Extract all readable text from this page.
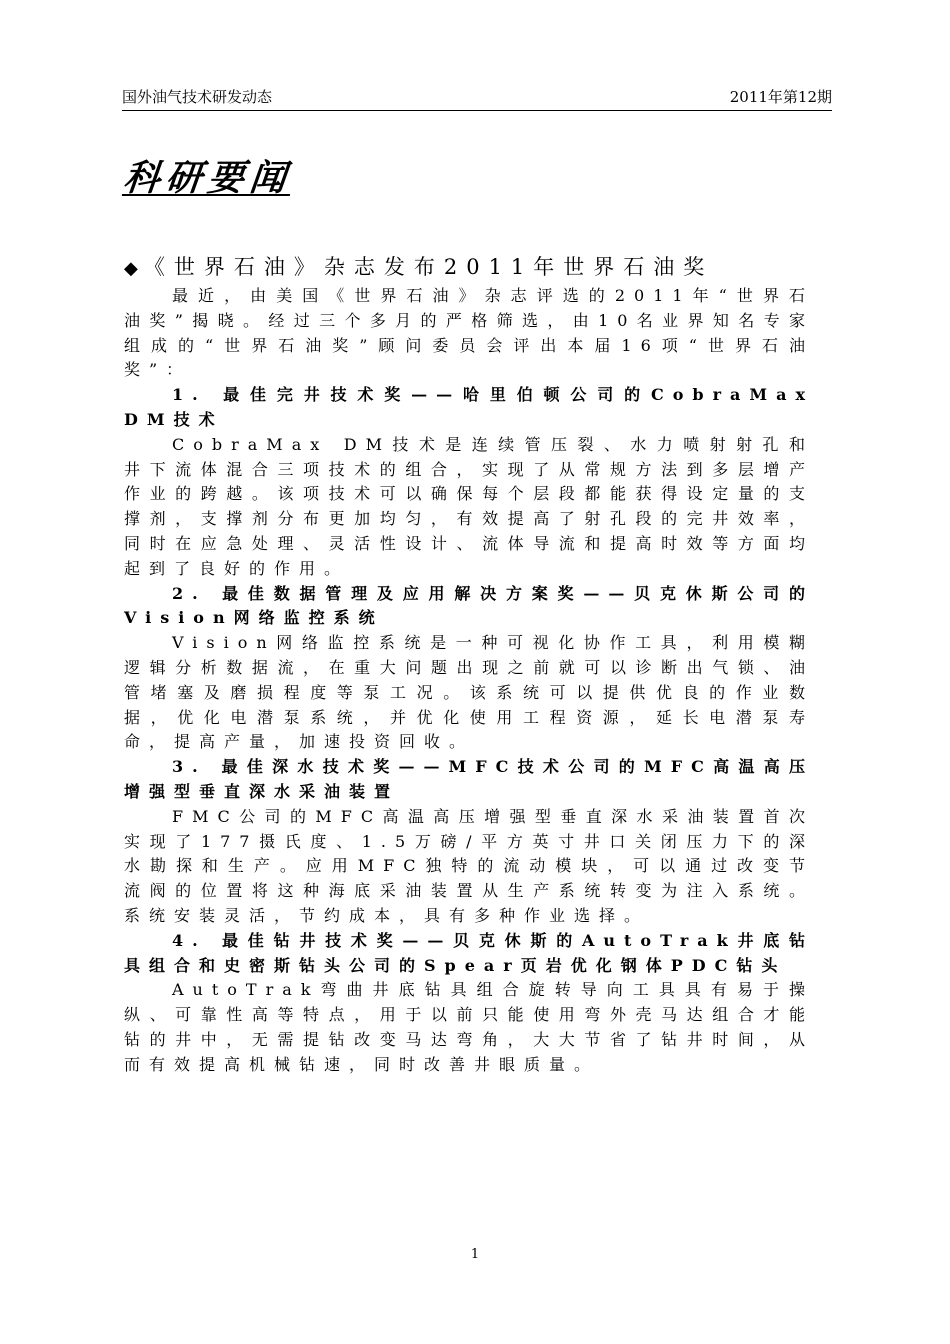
国外油气技术研发动态	2011年第12期
科研要闻
◆ 《世界石油》杂志发布2011年世界石油奖
最近，由美国《世界石油》杂志评选的2011年“世界石油奖”揭晓。经过三个多月的严格筛选，由10名业界知名专家组成的“世界石油奖”顾问委员会评出本届16项“世界石油奖”：
1. 最佳完井技术奖——哈里伯顿公司的CobraMax DM技术
CobraMax DM技术是连续管压裂、水力喷射射孔和井下流体混合三项技术的组合，实现了从常规方法到多层增产作业的跨越。该项技术可以确保每个层段都能获得设定量的支撑剂，支撑剂分布更加均匀，有效提高了射孔段的完井效率，同时在应急处理、灵活性设计、流体导流和提高时效等方面均起到了良好的作用。
2. 最佳数据管理及应用解决方案奖——贝克休斯公司的Vision网络监控系统
Vision网络监控系统是一种可视化协作工具，利用模糊逻辑分析数据流，在重大问题出现之前就可以诊断出气锁、油管堵塞及磨损程度等泵工况。该系统可以提供优良的作业数据，优化电潜泵系统，并优化使用工程资源，延长电潜泵寿命，提高产量，加速投资回收。
3. 最佳深水技术奖——MFC技术公司的MFC高温高压增强型垂直深水采油装置
FMC公司的MFC高温高压增强型垂直深水采油装置首次实现了177摄氏度、1.5万磅/平方英寸井口关闭压力下的深水勘探和生产。应用MFC独特的流动模块，可以通过改变节流阀的位置将这种海底采油装置从生产系统转变为注入系统。系统安装灵活，节约成本，具有多种作业选择。
4. 最佳钻井技术奖——贝克休斯的AutoTrak井底钻具组合和史密斯钻头公司的Spear页岩优化钢体PDC钻头
AutoTrak弯曲井底钻具组合旋转导向工具具有易于操纵、可靠性高等特点，用于以前只能使用弯外壳马达组合才能钻的井中，无需提钻改变马达弯角，大大节省了钻井时间，从而有效提高机械钻速，同时改善井眼质量。
1
